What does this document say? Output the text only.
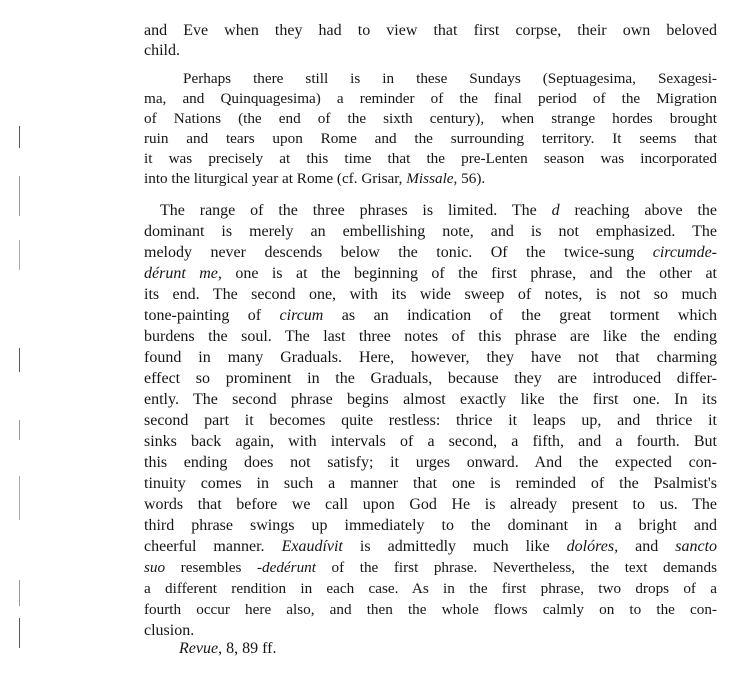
and Eve when they had to view that first corpse, their own beloved
child.
Perhaps there still is in these Sundays (Septuagesima, Sexagesi-
ma, and Quinquagesima) a reminder of the final period of the Migration
of Nations (the end of the sixth century), when strange hordes brought
ruin and tears upon Rome and the surrounding territory. It seems that
it was precisely at this time that the pre-Lenten season was incorporated
into the liturgical year at Rome (cf. Grisar, Missale, 56).
The range of the three phrases is limited. The d reaching above the
dominant is merely an embellishing note, and is not emphasized. The
melody never descends below the tonic. Of the twice-sung circumde-
dérunt me, one is at the beginning of the first phrase, and the other at
its end. The second one, with its wide sweep of notes, is not so much
tone-painting of circum as an indication of the great torment which
burdens the soul. The last three notes of this phrase are like the ending
found in many Graduals. Here, however, they have not that charming
effect so prominent in the Graduals, because they are introduced differ-
ently. The second phrase begins almost exactly like the first one. In its
second part it becomes quite restless: thrice it leaps up, and thrice it
sinks back again, with intervals of a second, a fifth, and a fourth. But
this ending does not satisfy; it urges onward. And the expected con-
tinuity comes in such a manner that one is reminded of the Psalmist's
words that before we call upon God He is already present to us. The
third phrase swings up immediately to the dominant in a bright and
cheerful manner. Exaudívit is admittedly much like dolóres, and sancto
suo resembles -dedérunt of the first phrase. Nevertheless, the text demands
a different rendition in each case. As in the first phrase, two drops of a
fourth occur here also, and then the whole flows calmly on to the con-
clusion.
Revue, 8, 89 ff.
